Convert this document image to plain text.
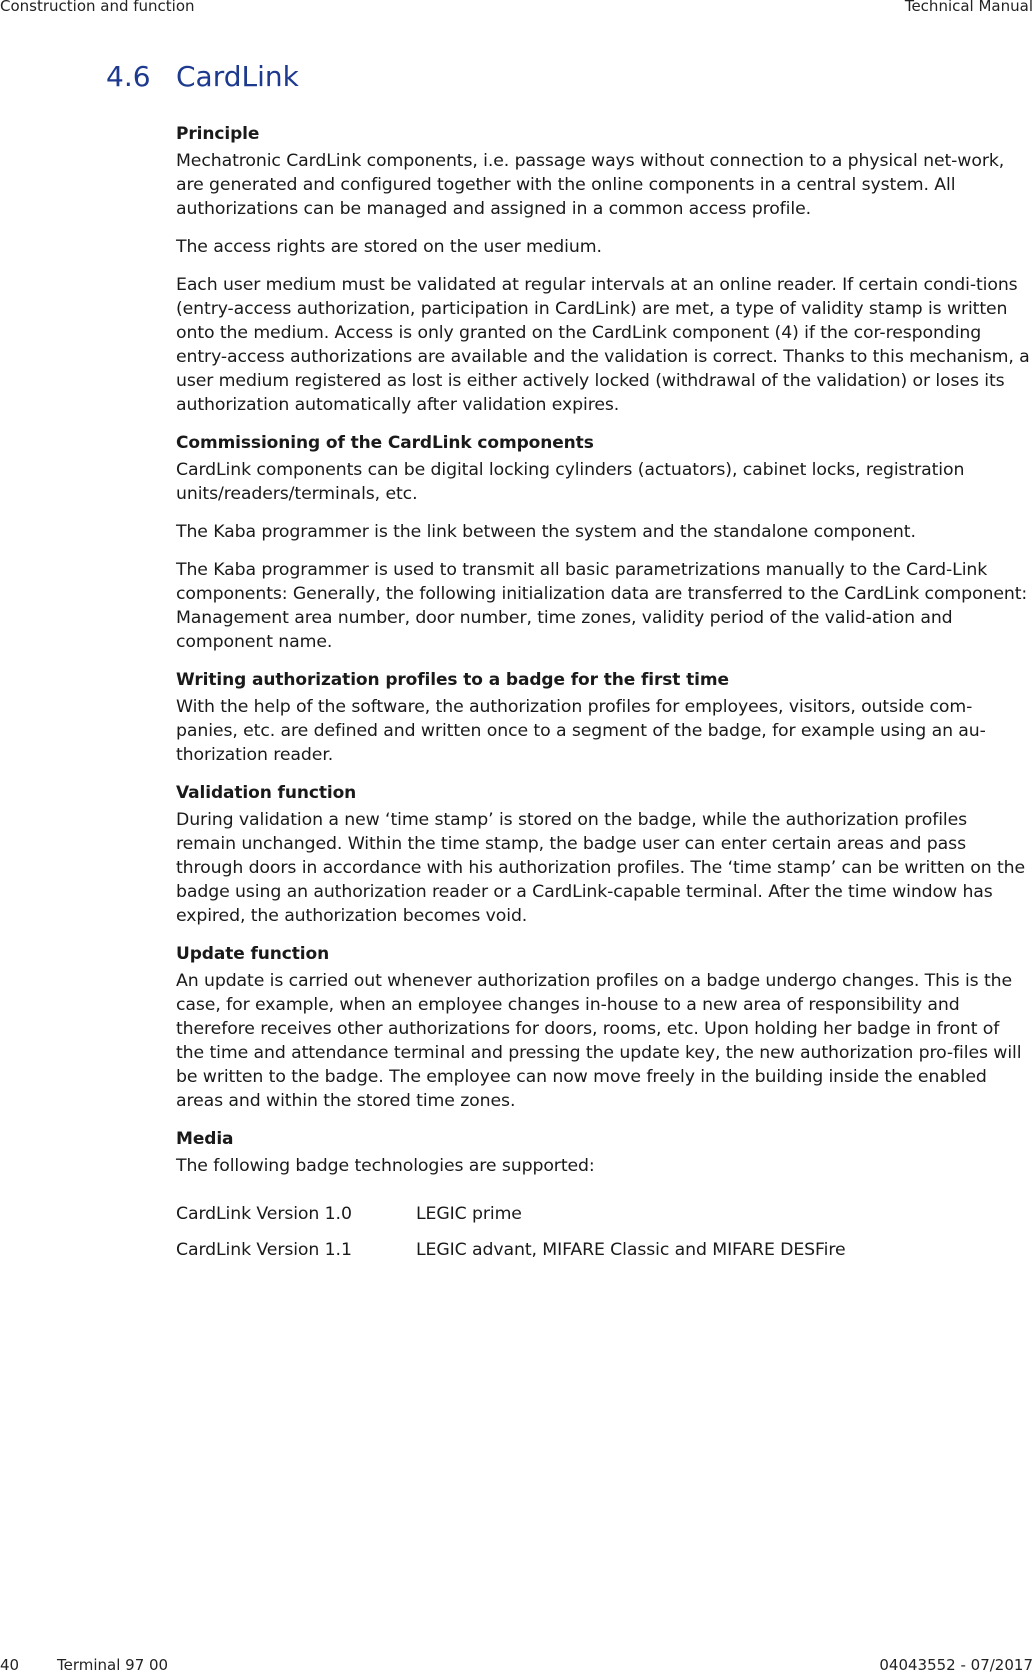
Construction and function	Technical Manual
4.6 CardLink
Principle

Mechatronic CardLink components, i.e. passage ways without connection to a physical net-work, are generated and configured together with the online components in a central system. All authorizations can be managed and assigned in a common access profile.

The access rights are stored on the user medium.

Each user medium must be validated at regular intervals at an online reader. If certain condi-tions (entry-access authorization, participation in CardLink) are met, a type of validity stamp is written onto the medium. Access is only granted on the CardLink component (4) if the cor-responding entry-access authorizations are available and the validation is correct. Thanks to this mechanism, a user medium registered as lost is either actively locked (withdrawal of the validation) or loses its authorization automatically after validation expires.

Commissioning of the CardLink components

CardLink components can be digital locking cylinders (actuators), cabinet locks, registration units/readers/terminals, etc.

The Kaba programmer is the link between the system and the standalone component.

The Kaba programmer is used to transmit all basic parametrizations manually to the Card-Link components: Generally, the following initialization data are transferred to the CardLink component: Management area number, door number, time zones, validity period of the valid-ation and component name.

Writing authorization profiles to a badge for the first time

With the help of the software, the authorization profiles for employees, visitors, outside com-panies, etc. are defined and written once to a segment of the badge, for example using an au-thorization reader.

Validation function

During validation a new ‘time stamp’ is stored on the badge, while the authorization profiles remain unchanged. Within the time stamp, the badge user can enter certain areas and pass through doors in accordance with his authorization profiles. The ‘time stamp’ can be written on the badge using an authorization reader or a CardLink-capable terminal. After the time window has expired, the authorization becomes void.

Update function

An update is carried out whenever authorization profiles on a badge undergo changes. This is the case, for example, when an employee changes in-house to a new area of responsibility and therefore receives other authorizations for doors, rooms, etc. Upon holding her badge in front of the time and attendance terminal and pressing the update key, the new authorization pro-files will be written to the badge. The employee can now move freely in the building inside the enabled areas and within the stored time zones.

Media

The following badge technologies are supported:

CardLink Version 1.0	LEGIC prime
CardLink Version 1.1	LEGIC advant, MIFARE Classic and MIFARE DESFire
40	Terminal 97 00	04043552 - 07/2017
